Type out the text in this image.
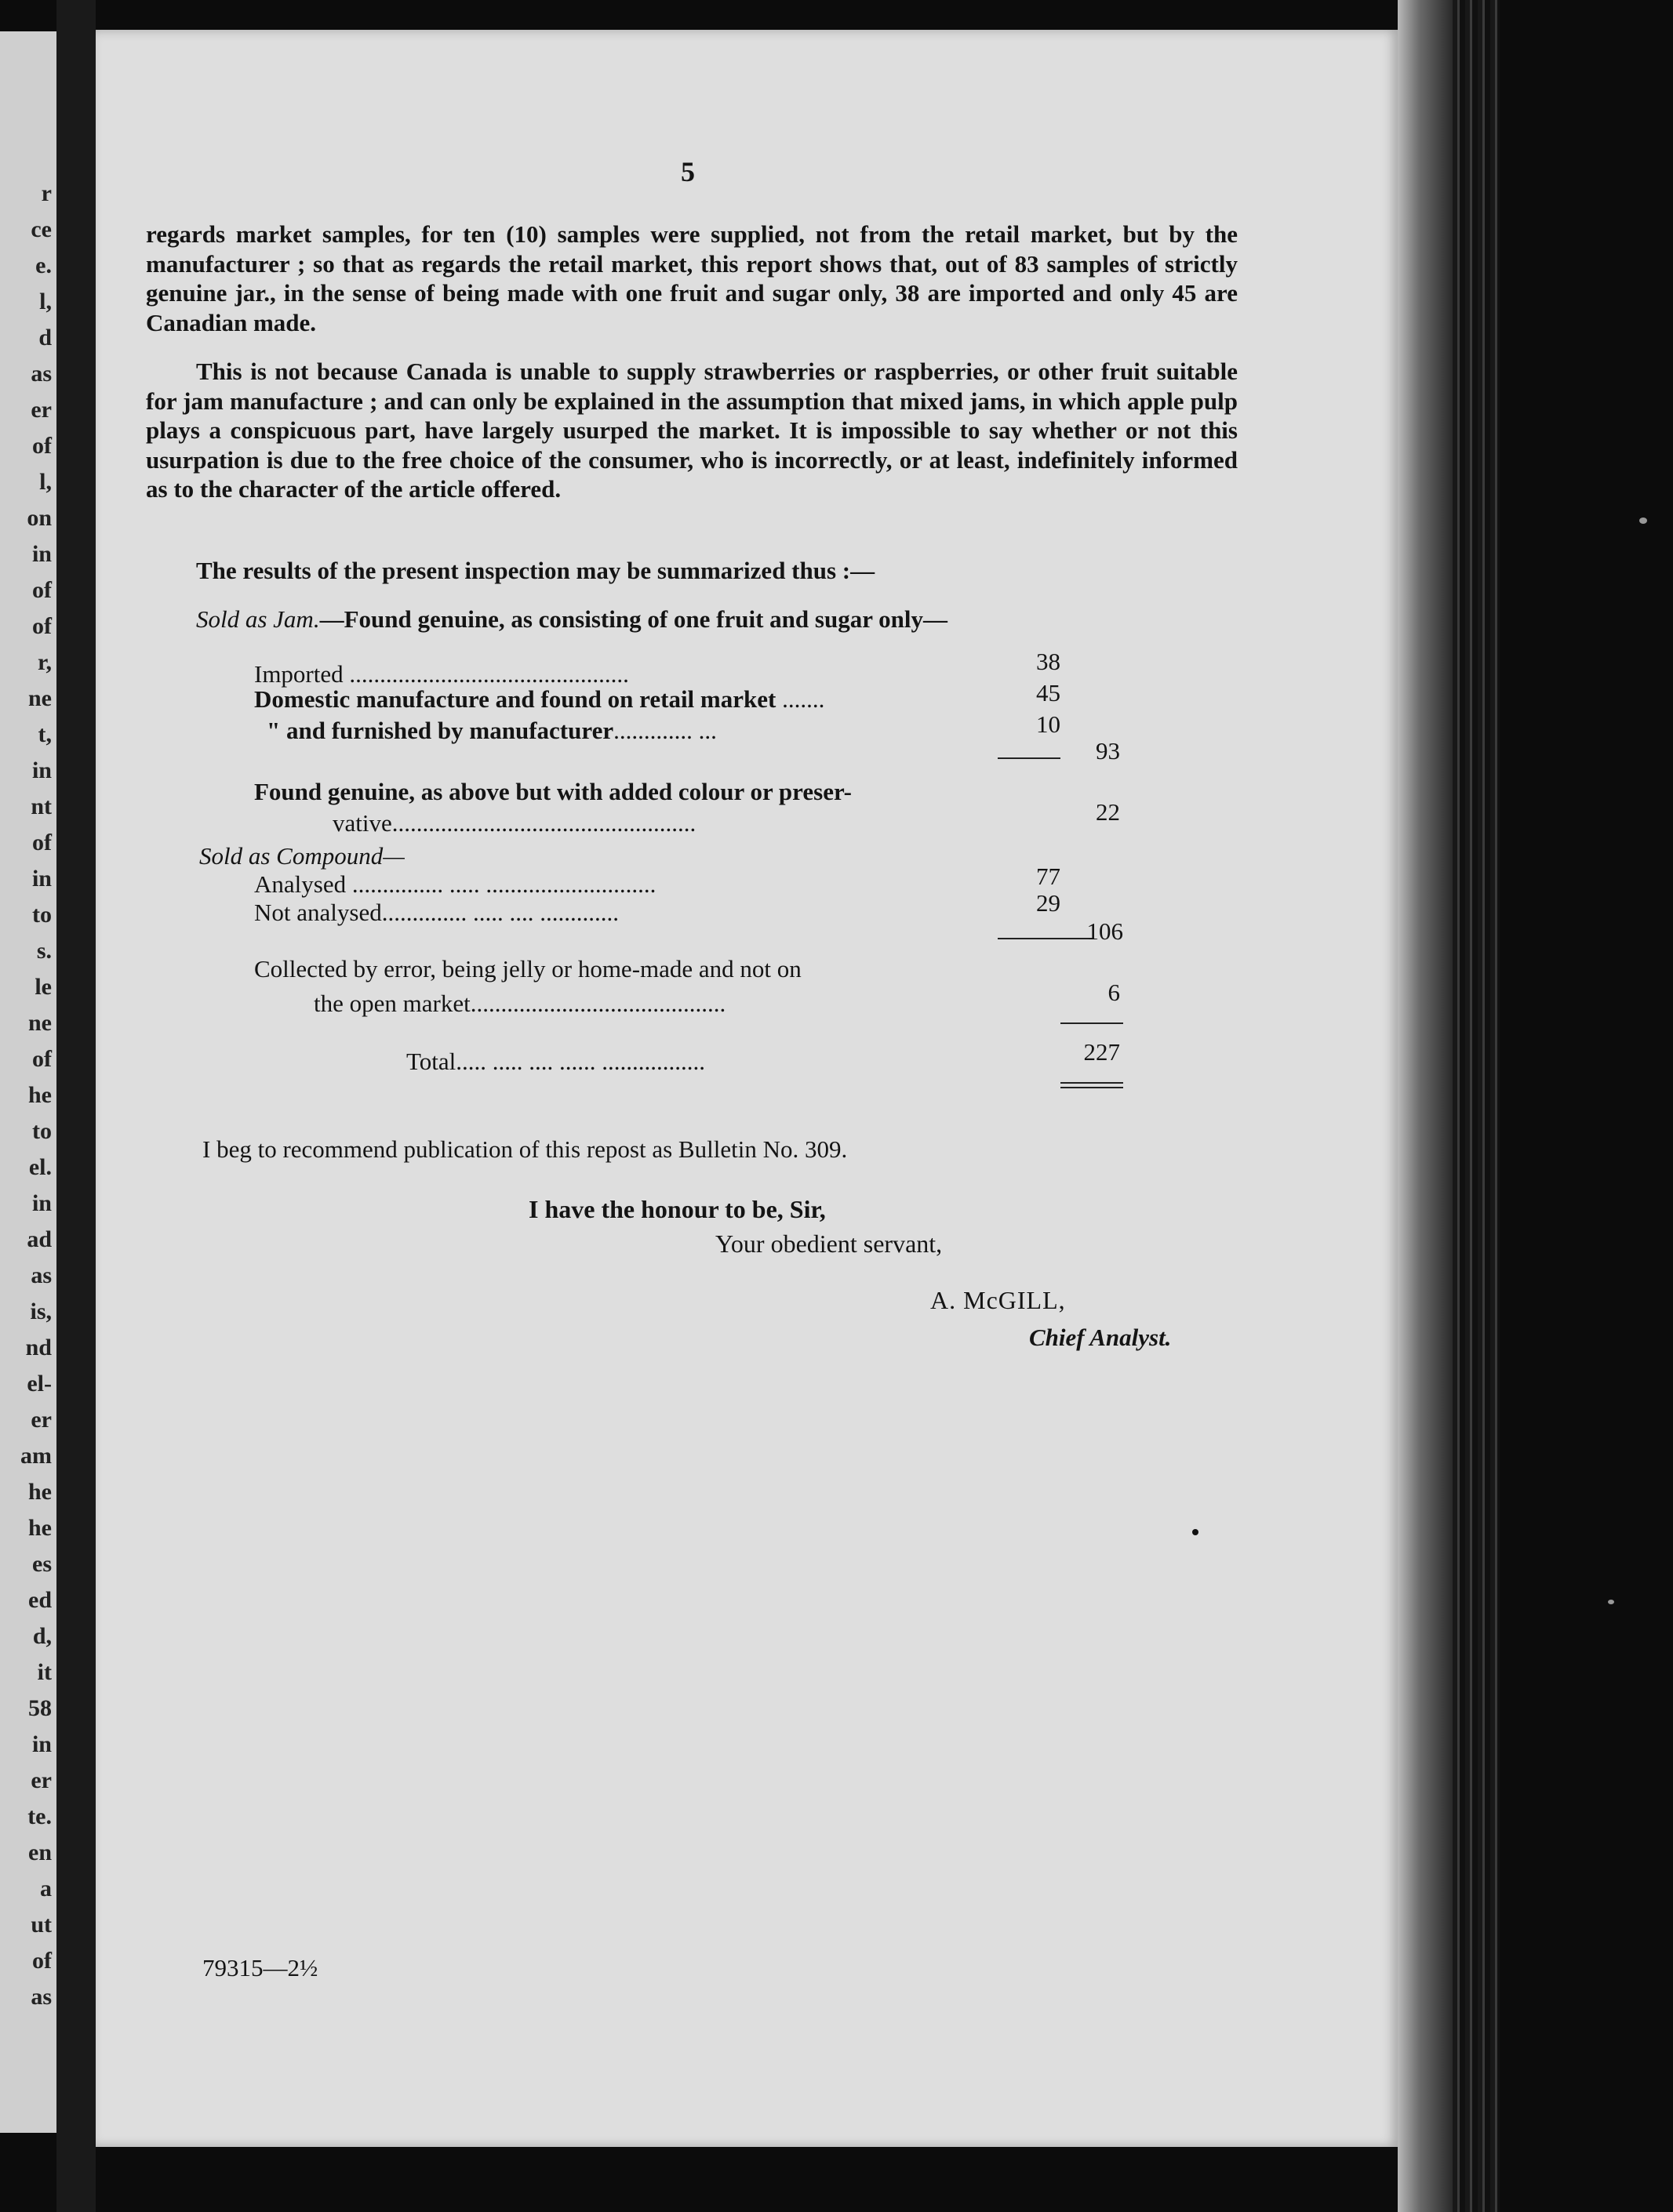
r
ce
e.
l,
d
as
er
of
l,
on
in
of
of
r,
ne
t,
in
nt
of
in
to
s.
le
ne
of
he
to
el.
in
ad
as
is,
nd
el-
er
am
he
he
es
ed
d,
it
58
in
er
te.
en
a
ut
of
as
5
regards market samples, for ten (10) samples were supplied, not from the retail market, but by the manufacturer ; so that as regards the retail market, this report shows that, out of 83 samples of strictly genuine jar., in the sense of being made with one fruit and sugar only, 38 are imported and only 45 are Canadian made.
This is not because Canada is unable to supply strawberries or raspberries, or other fruit suitable for jam manufacture ; and can only be explained in the assumption that mixed jams, in which apple pulp plays a conspicuous part, have largely usurped the market. It is impossible to say whether or not this usurpation is due to the free choice of the consumer, who is incorrectly, or at least, indefinitely informed as to the character of the article offered.
The results of the present inspection may be summarized thus :—
Sold as Jam.—Found genuine, as consisting of one fruit and sugar only—
Imported ..............................................	38
Domestic manufacture and found on retail market .......	45
" and furnished by manufacturer............. ...	10
93
Found genuine, as above but with added colour or preser-
vative..................................................	22
Sold as Compound—
Analysed ............... ..... ............................	77
Not analysed.............. ..... .... .............	29
106
Collected by error, being jelly or home-made and not on
the open market..........................................	6
Total..... ..... .... ...... .................	227
I beg to recommend publication of this repost as Bulletin No. 309.
I have the honour to be, Sir,
Your obedient servant,
A. McGILL,
Chief Analyst.
79315—2½
